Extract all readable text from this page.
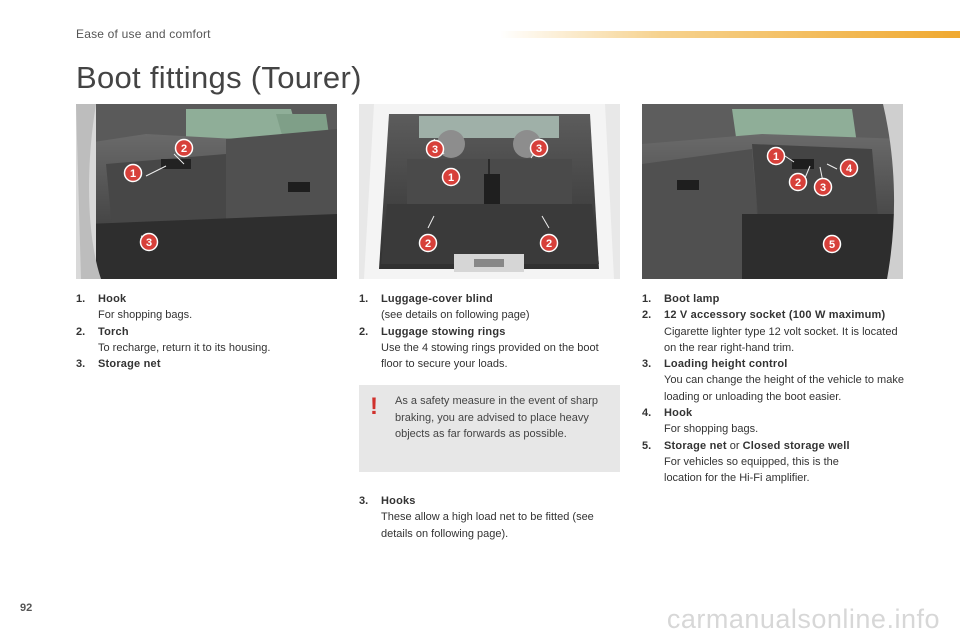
Ease of use and comfort
Boot fittings (Tourer)
2
1
3
3	3
1
2	2
1
4
2 3
5
1. Hook
For shopping bags.
2. Torch
To recharge, return it to its housing.
3. Storage net
1. Luggage-cover blind
(see details on following page)
2. Luggage stowing rings
Use the 4 stowing rings provided on the boot floor to secure your loads.
! As a safety measure in the event of sharp braking, you are advised to place heavy objects as far forwards as possible.
3. Hooks
These allow a high load net to be fitted (see details on following page).
1. Boot lamp
2. 12 V accessory socket (100 W maximum)
Cigarette lighter type 12 volt socket. It is located on the rear right-hand trim.
3. Loading height control
You can change the height of the vehicle to make loading or unloading the boot easier.
4. Hook
For shopping bags.
5. Storage net or Closed storage well
For vehicles so equipped, this is the location for the Hi-Fi amplifier.
92	carmanualsonline.info
